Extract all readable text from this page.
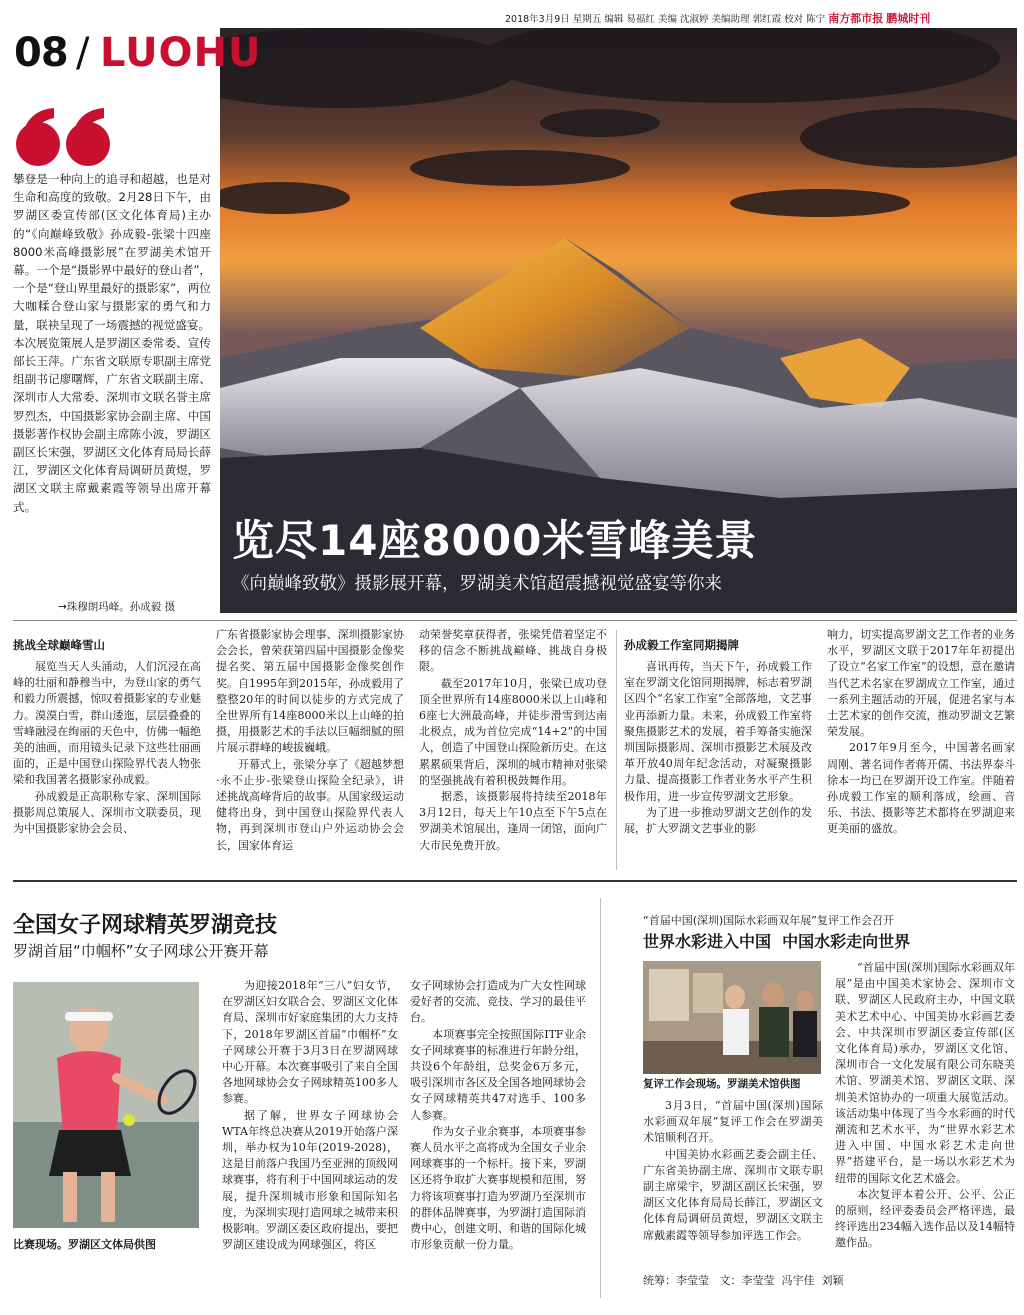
2018年3月9日 星期五 编辑 易福红 美编 沈淑婷 美编助理 郭红霞 校对 陈宁 南方都市报 鹏城时刊
览尽14座8000米雪峰美景
《向巅峰致敬》摄影展开幕，罗湖美术馆超震撼视觉盛宴等你来
08 / LUOHU 文体
攀登是一种向上的追寻和超越，也是对生命和高度的致敬。2月28日下午，由罗湖区委宣传部(区文化体育局)主办的“《向巅峰致敬》孙成毅-张梁十四座8000米高峰摄影展”在罗湖美术馆开幕。一个是“摄影界中最好的登山者”，一个是“登山界里最好的摄影家”，两位大咖糅合登山家与摄影家的勇气和力量，联袂呈现了一场震撼的视觉盛宴。
本次展览策展人是罗湖区委常委、宣传部长王萍。广东省文联原专职副主席党组副书记廖曙辉，广东省文联副主席、深圳市人大常委、深圳市文联名誉主席罗烈杰，中国摄影家协会副主席、中国摄影著作权协会副主席陈小波，罗湖区副区长宋强，罗湖区文化体育局局长薛江，罗湖区文化体育局调研员黄煜，罗湖区文联主席戴素霞等领导出席开幕式。
→珠穆朗玛峰。孙成毅 摄
挑战全球巅峰雪山
展览当天人头涌动，人们沉浸在高峰的壮丽和静穆当中，为登山家的勇气和毅力所震撼，惊叹着摄影家的专业魅力。漠漠白雪，群山逶迤，层层叠叠的雪峰融浸在绚丽的天色中，仿佛一幅绝美的油画，而用镜头记录下这些壮丽画面的，正是中国登山探险界代表人物张梁和我国著名摄影家孙成毅。
孙成毅是正高职称专家、深圳国际摄影周总策展人、深圳市文联委员，现为中国摄影家协会会员、
广东省摄影家协会理事、深圳摄影家协会会长，曾荣获第四届中国摄影金像奖提名奖、第五届中国摄影金像奖创作奖。自1995年到2015年，孙成毅用了整整20年的时间以徒步的方式完成了全世界所有14座8000米以上山峰的拍摄，用摄影艺术的手法以巨幅细腻的照片展示群峰的峻拔巍峨。
开幕式上，张梁分享了《超越梦想·永不止步-张梁登山探险全纪录》，讲述挑战高峰背后的故事。从国家级运动健将出身，到中国登山探险界代表人物，再到深圳市登山户外运动协会会长，国家体育运
动荣誉奖章获得者，张梁凭借着坚定不移的信念不断挑战巅峰、挑战自身极限。
截至2017年10月，张梁已成功登顶全世界所有14座8000米以上山峰和6座七大洲最高峰，并徒步滑雪到达南北极点，成为首位完成“14+2”的中国人，创造了中国登山探险新历史。在这累累硕果背后，深圳的城市精神对张梁的坚强挑战有着积极鼓舞作用。
据悉，该摄影展将持续至2018年3月12日，每天上午10点至下午5点在罗湖美术馆展出，逢周一闭馆，面向广大市民免费开放。
孙成毅工作室同期揭牌
喜讯再传，当天下午，孙成毅工作室在罗湖文化馆同期揭牌，标志着罗湖区四个“名家工作室”全部落地，文艺事业再添新力量。未来，孙成毅工作室将聚焦摄影艺术的发展，着手筹备实施深圳国际摄影周、深圳市摄影艺术展及改革开放40周年纪念活动，对凝聚摄影力量、提高摄影工作者业务水平产生积极作用，进一步宣传罗湖文艺形象。
为了进一步推动罗湖文艺创作的发展，扩大罗湖文艺事业的影
响力，切实提高罗湖文艺工作者的业务水平，罗湖区文联于2017年年初提出了设立“名家工作室”的设想，意在邀请当代艺术名家在罗湖成立工作室，通过一系列主题活动的开展，促进名家与本土艺术家的创作交流，推动罗湖文艺繁荣发展。
2017年9月至今，中国著名画家周刚、著名词作者蒋开儒、书法界泰斗徐本一均已在罗湖开设工作室。伴随着孙成毅工作室的顺利落成，绘画、音乐、书法、摄影等艺术都将在罗湖迎来更美丽的盛放。
全国女子网球精英罗湖竞技
罗湖首届“巾帼杯”女子网球公开赛开幕
比赛现场。罗湖区文体局供图
为迎接2018年“三八”妇女节，在罗湖区妇女联合会、罗湖区文化体育局、深圳市好家庭集团的大力支持下，2018年罗湖区首届“巾帼杯”女子网球公开赛于3月3日在罗湖网球中心开幕。本次赛事吸引了来自全国各地网球协会女子网球精英100多人参赛。
据了解，世界女子网球协会WTA年终总决赛从2019开始落户深圳，举办权为10年(2019-2028)，这是目前落户我国乃至亚洲的顶级网球赛事，将有利于中国网球运动的发展，提升深圳城市形象和国际知名度，为深圳实现打造网球之城带来积极影响。罗湖区委区政府提出，要把罗湖区建设成为网球强区，将区
女子网球协会打造成为广大女性网球爱好者的交流、竞技、学习的最佳平台。
本项赛事完全按照国际ITF业余女子网球赛事的标准进行年龄分组，共设6个年龄组，总奖金6万多元，吸引深圳市各区及全国各地网球协会女子网球精英共47对选手、100多人参赛。
作为女子业余赛事，本项赛事参赛人员水平之高将成为全国女子业余网球赛事的一个标杆。接下来，罗湖区还将争取扩大赛事规模和范围，努力将该项赛事打造为罗湖乃至深圳市的群体品牌赛事，为罗湖打造国际消费中心，创建文明、和谐的国际化城市形象贡献一份力量。
“首届中国(深圳)国际水彩画双年展”复评工作会召开
世界水彩进入中国  中国水彩走向世界
复评工作会现场。罗湖美术馆供图
“首届中国(深圳)国际水彩画双年展”是由中国美术家协会、深圳市文联、罗湖区人民政府主办，中国文联美术艺术中心、中国美协水彩画艺委会、中共深圳市罗湖区委宣传部(区文化体育局)承办，罗湖区文化馆、深圳市合一文化发展有限公司东晓美术馆、罗湖美术馆、罗湖区文联、深圳美术馆协办的一项重大展览活动。该活动集中体现了当今水彩画的时代潮流和艺术水平，为“世界水彩艺术进入中国、中国水彩艺术走向世界”搭建平台，是一场以水彩艺术为纽带的国际文化艺术盛会。
本次复评本着公开、公平、公正的原则，经评委委员会严格评选，最终评选出234幅入选作品以及14幅特邀作品。
3月3日，“首届中国(深圳)国际水彩画双年展”复评工作会在罗湖美术馆顺利召开。
中国美协水彩画艺委会副主任、广东省美协副主席、深圳市文联专职副主席梁宇，罗湖区副区长宋强，罗湖区文化体育局局长薛江，罗湖区文化体育局调研员黄煜，罗湖区文联主席戴素霞等领导参加评选工作会。
统筹：李莹莹   文：李莹莹  冯宇佳  刘颖
